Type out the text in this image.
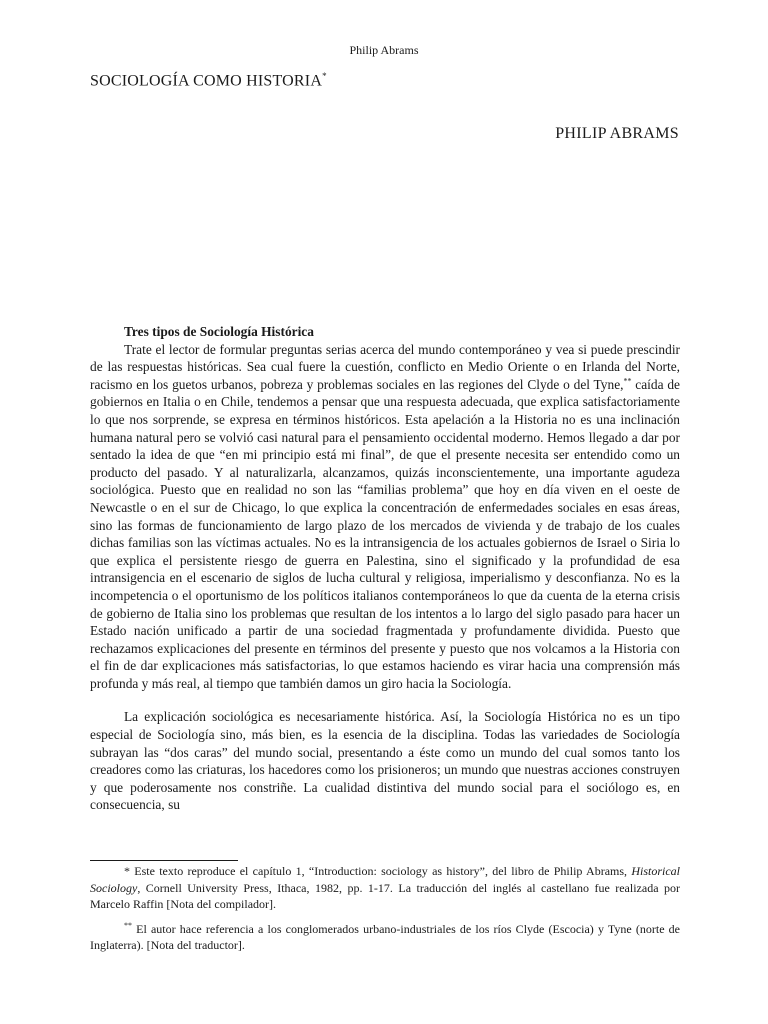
Philip Abrams
SOCIOLOGÍA COMO HISTORIA*
PHILIP ABRAMS
Tres tipos de Sociología Histórica

Trate el lector de formular preguntas serias acerca del mundo contemporáneo y vea si puede prescindir de las respuestas históricas. Sea cual fuere la cuestión, conflicto en Medio Oriente o en Irlanda del Norte, racismo en los guetos urbanos, pobreza y problemas sociales en las regiones del Clyde o del Tyne,** caída de gobiernos en Italia o en Chile, tendemos a pensar que una respuesta adecuada, que explica satisfactoriamente lo que nos sorprende, se expresa en términos históricos. Esta apelación a la Historia no es una inclinación humana natural pero se volvió casi natural para el pensamiento occidental moderno. Hemos llegado a dar por sentado la idea de que “en mi principio está mi final”, de que el presente necesita ser entendido como un producto del pasado. Y al naturalizarla, alcanzamos, quizás inconscientemente, una importante agudeza sociológica. Puesto que en realidad no son las “familias problema” que hoy en día viven en el oeste de Newcastle o en el sur de Chicago, lo que explica la concentración de enfermedades sociales en esas áreas, sino las formas de funcionamiento de largo plazo de los mercados de vivienda y de trabajo de los cuales dichas familias son las víctimas actuales. No es la intransigencia de los actuales gobiernos de Israel o Siria lo que explica el persistente riesgo de guerra en Palestina, sino el significado y la profundidad de esa intransigencia en el escenario de siglos de lucha cultural y religiosa, imperialismo y desconfianza. No es la incompetencia o el oportunismo de los políticos italianos contemporáneos lo que da cuenta de la eterna crisis de gobierno de Italia sino los problemas que resultan de los intentos a lo largo del siglo pasado para hacer un Estado nación unificado a partir de una sociedad fragmentada y profundamente dividida. Puesto que rechazamos explicaciones del presente en términos del presente y puesto que nos volcamos a la Historia con el fin de dar explicaciones más satisfactorias, lo que estamos haciendo es virar hacia una comprensión más profunda y más real, al tiempo que también damos un giro hacia la Sociología.

La explicación sociológica es necesariamente histórica. Así, la Sociología Histórica no es un tipo especial de Sociología sino, más bien, es la esencia de la disciplina. Todas las variedades de Sociología subrayan las “dos caras” del mundo social, presentando a éste como un mundo del cual somos tanto los creadores como las criaturas, los hacedores como los prisioneros; un mundo que nuestras acciones construyen y que poderosamente nos constriñe. La cualidad distintiva del mundo social para el sociólogo es, en consecuencia, su

* Este texto reproduce el capítulo 1, “Introduction: sociology as history”, del libro de Philip Abrams, Historical Sociology, Cornell University Press, Ithaca, 1982, pp. 1-17. La traducción del inglés al castellano fue realizada por Marcelo Raffin [Nota del compilador].

** El autor hace referencia a los conglomerados urbano-industriales de los ríos Clyde (Escocia) y Tyne (norte de Inglaterra). [Nota del traductor].
